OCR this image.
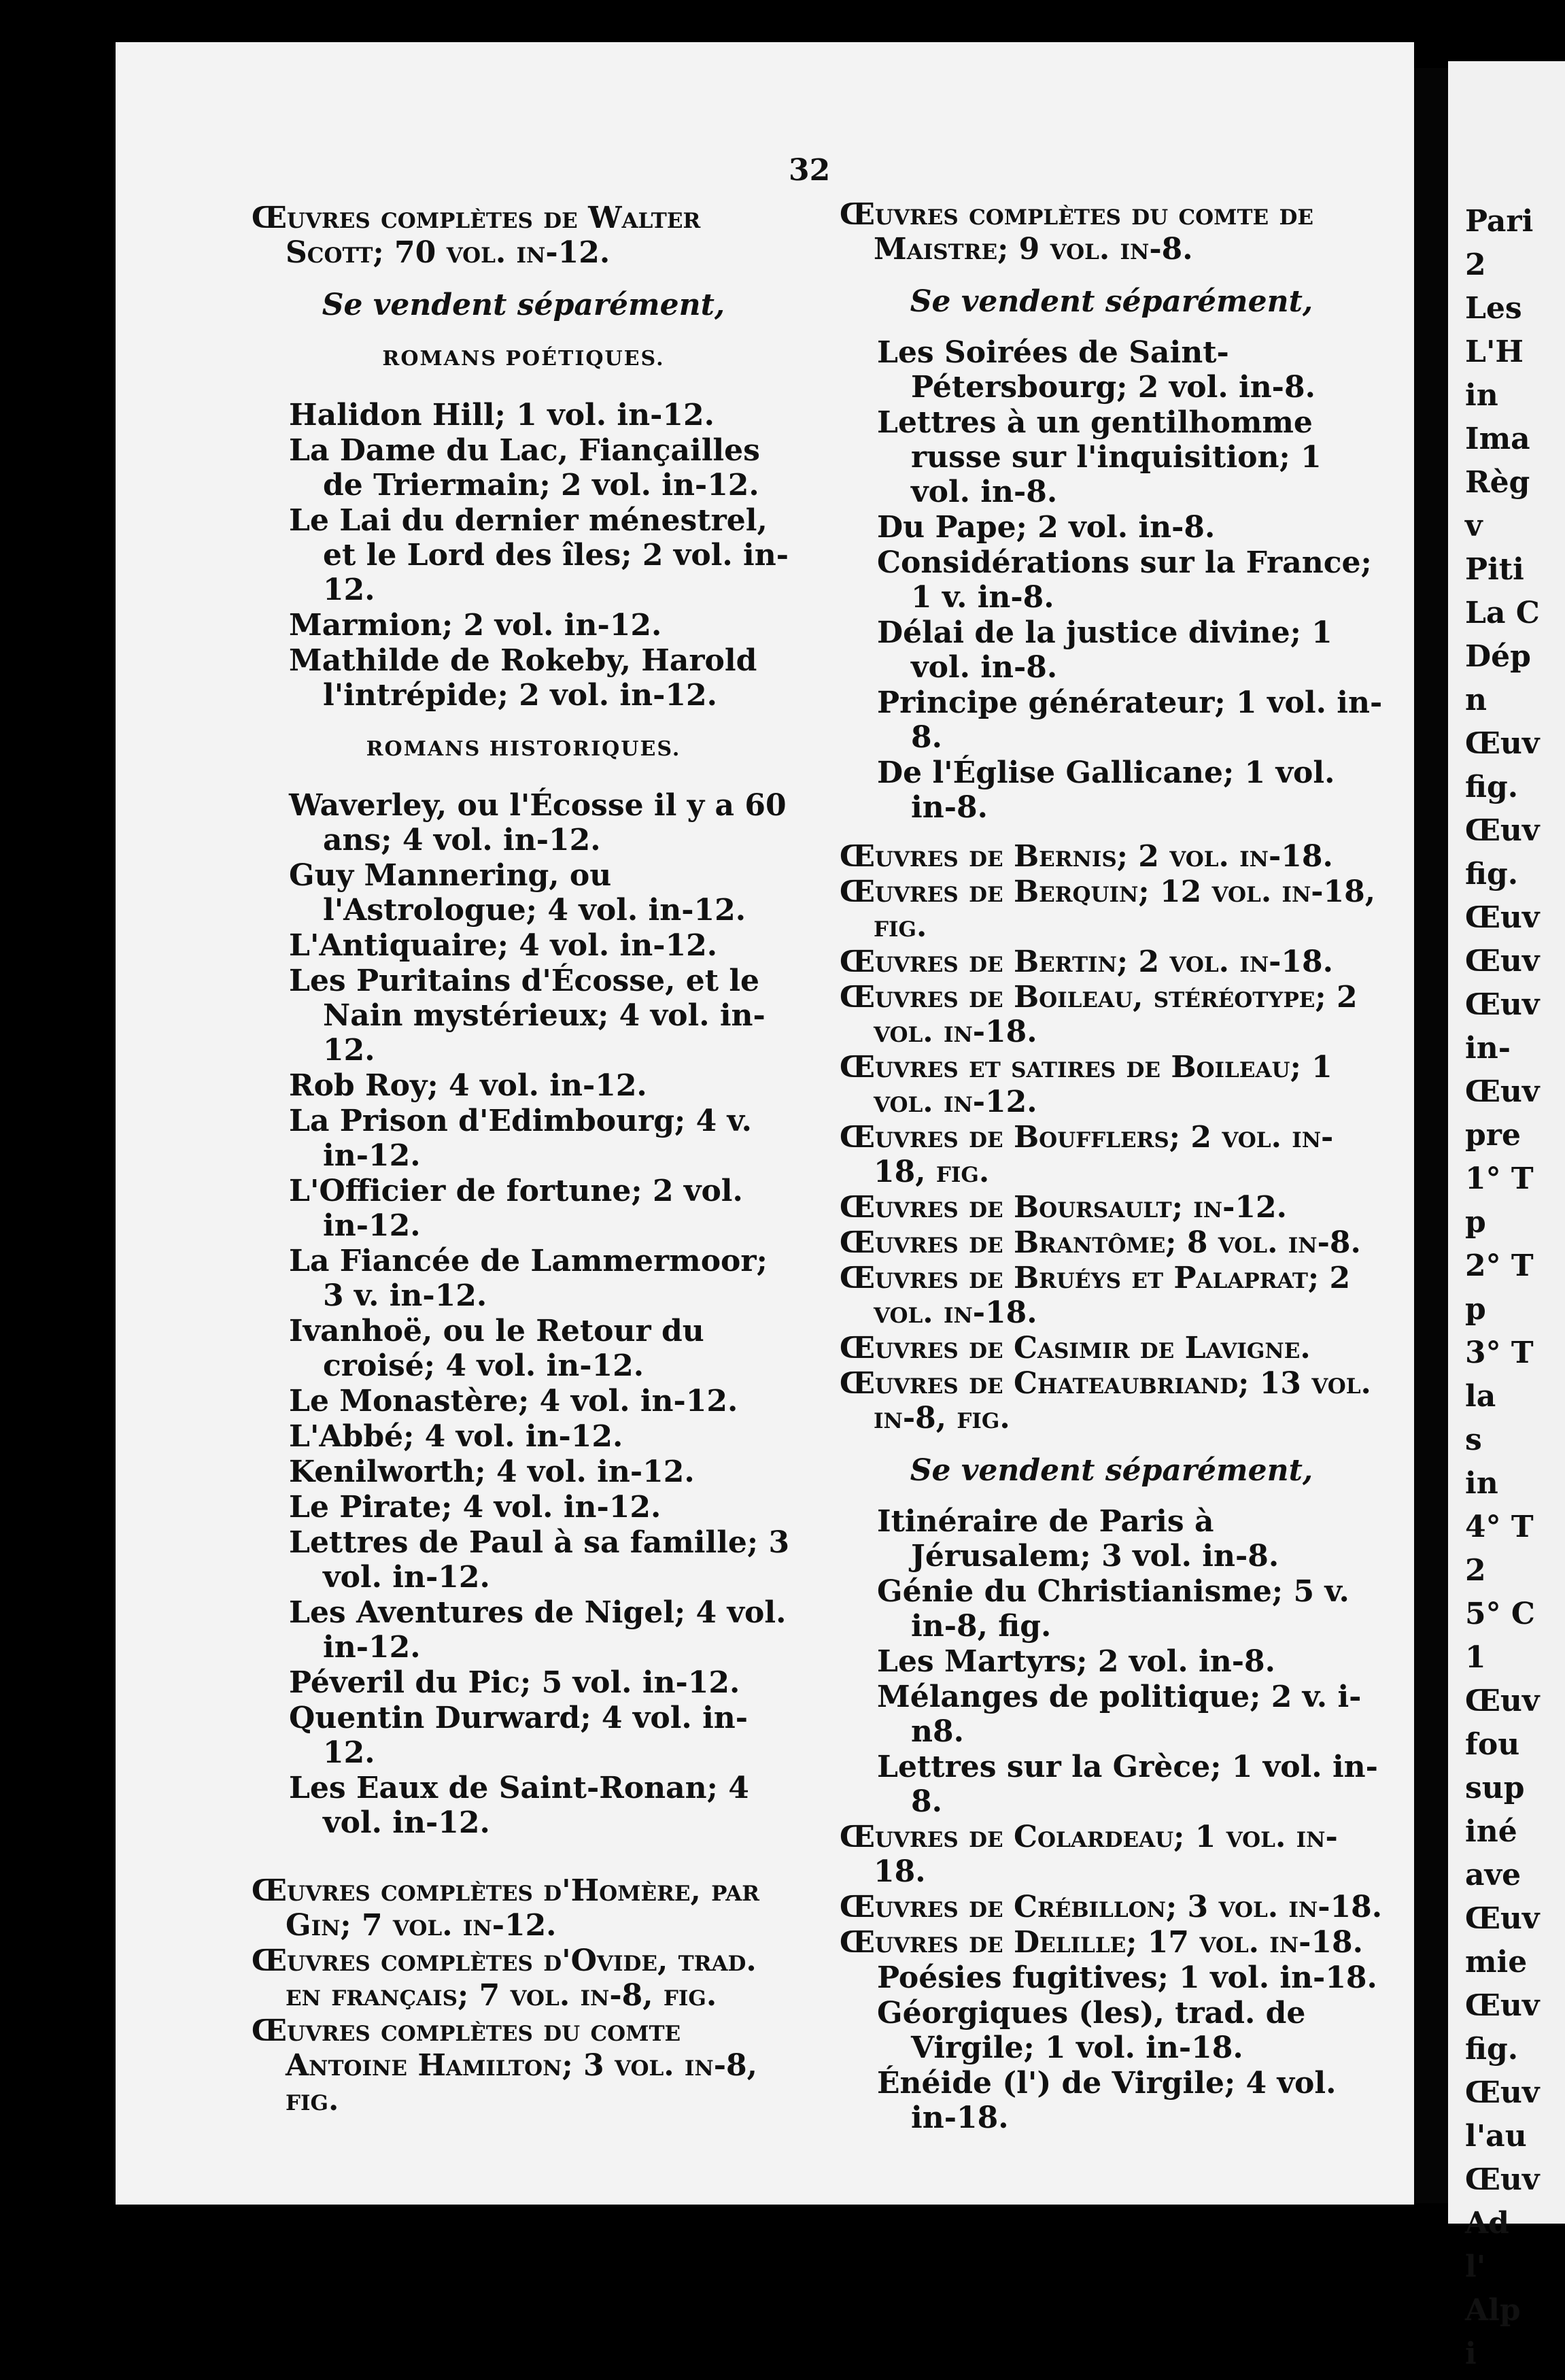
32

Œuvres complètes de Walter Scott; 70 vol. in-12.

Se vendent séparément,

ROMANS POÉTIQUES.

Halidon Hill; 1 vol. in-12.

La Dame du Lac, Fiançailles de Triermain; 2 vol. in-12.

Le Lai du dernier ménestrel, et le Lord des îles; 2 vol. in-12.

Marmion; 2 vol. in-12.

Mathilde de Rokeby, Harold l'intrépide; 2 vol. in-12.

ROMANS HISTORIQUES.

Waverley, ou l'Écosse il y a 60 ans; 4 vol. in-12.

Guy Mannering, ou l'Astrologue; 4 vol. in-12.

L'Antiquaire; 4 vol. in-12.

Les Puritains d'Écosse, et le Nain mystérieux; 4 vol. in-12.

Rob Roy; 4 vol. in-12.

La Prison d'Edimbourg; 4 v. in-12.

L'Officier de fortune; 2 vol. in-12.

La Fiancée de Lammermoor; 3 v. in-12.

Ivanhoë, ou le Retour du croisé; 4 vol. in-12.

Le Monastère; 4 vol. in-12.

L'Abbé; 4 vol. in-12.

Kenilworth; 4 vol. in-12.

Le Pirate; 4 vol. in-12.

Lettres de Paul à sa famille; 3 vol. in-12.

Les Aventures de Nigel; 4 vol. in-12.

Péveril du Pic; 5 vol. in-12.

Quentin Durward; 4 vol. in-12.

Les Eaux de Saint-Ronan; 4 vol. in-12.

Œuvres complètes d'Homère, par Gin; 7 vol. in-12.

Œuvres complètes d'Ovide, trad. en français; 7 vol. in-8, fig.

Œuvres complètes du comte Antoine Hamilton; 3 vol. in-8, fig.

Œuvres complètes du comte de Maistre; 9 vol. in-8.

Se vendent séparément,

Les Soirées de Saint-Pétersbourg; 2 vol. in-8.

Lettres à un gentilhomme russe sur l'inquisition; 1 vol. in-8.

Du Pape; 2 vol. in-8.

Considérations sur la France; 1 v. in-8.

Délai de la justice divine; 1 vol. in-8.

Principe générateur; 1 vol. in-8.

De l'Église Gallicane; 1 vol. in-8.

Œuvres de Bernis; 2 vol. in-18.

Œuvres de Berquin; 12 vol. in-18, fig.

Œuvres de Bertin; 2 vol. in-18.

Œuvres de Boileau, stéréotype; 2 vol. in-18.

Œuvres et satires de Boileau; 1 vol. in-12.

Œuvres de Boufflers; 2 vol. in-18, fig.

Œuvres de Boursault; in-12.

Œuvres de Brantôme; 8 vol. in-8.

Œuvres de Bruéys et Palaprat; 2 vol. in-18.

Œuvres de Casimir de Lavigne.

Œuvres de Chateaubriand; 13 vol. in-8, fig.

Se vendent séparément,

Itinéraire de Paris à Jérusalem; 3 vol. in-8.

Génie du Christianisme; 5 v. in-8, fig.

Les Martyrs; 2 vol. in-8.

Mélanges de politique; 2 v. i-n8.

Lettres sur la Grèce; 1 vol. in-8.

Œuvres de Colardeau; 1 vol. in-18.

Œuvres de Crébillon; 3 vol. in-18.

Œuvres de Delille; 17 vol. in-18.

Poésies fugitives; 1 vol. in-18.

Géorgiques (les), trad. de Virgile; 1 vol. in-18.

Énéide (l') de Virgile; 4 vol. in-18.

Pari

2

Les

L'H

in

Ima

Règ

v

Piti

La C

Dép

n

Œuv

fig.

Œuv

fig.

Œuv

Œuv

Œuv

in-

Œuv

pre

1° T

p

2° T

p

3° T

la

s

in

4° T

2

5° C

1

Œuv

fou

sup

iné

ave

Œuv

mie

Œuv

fig.

Œuv

l'au

Œuv

Ad

l'

Alp

i
